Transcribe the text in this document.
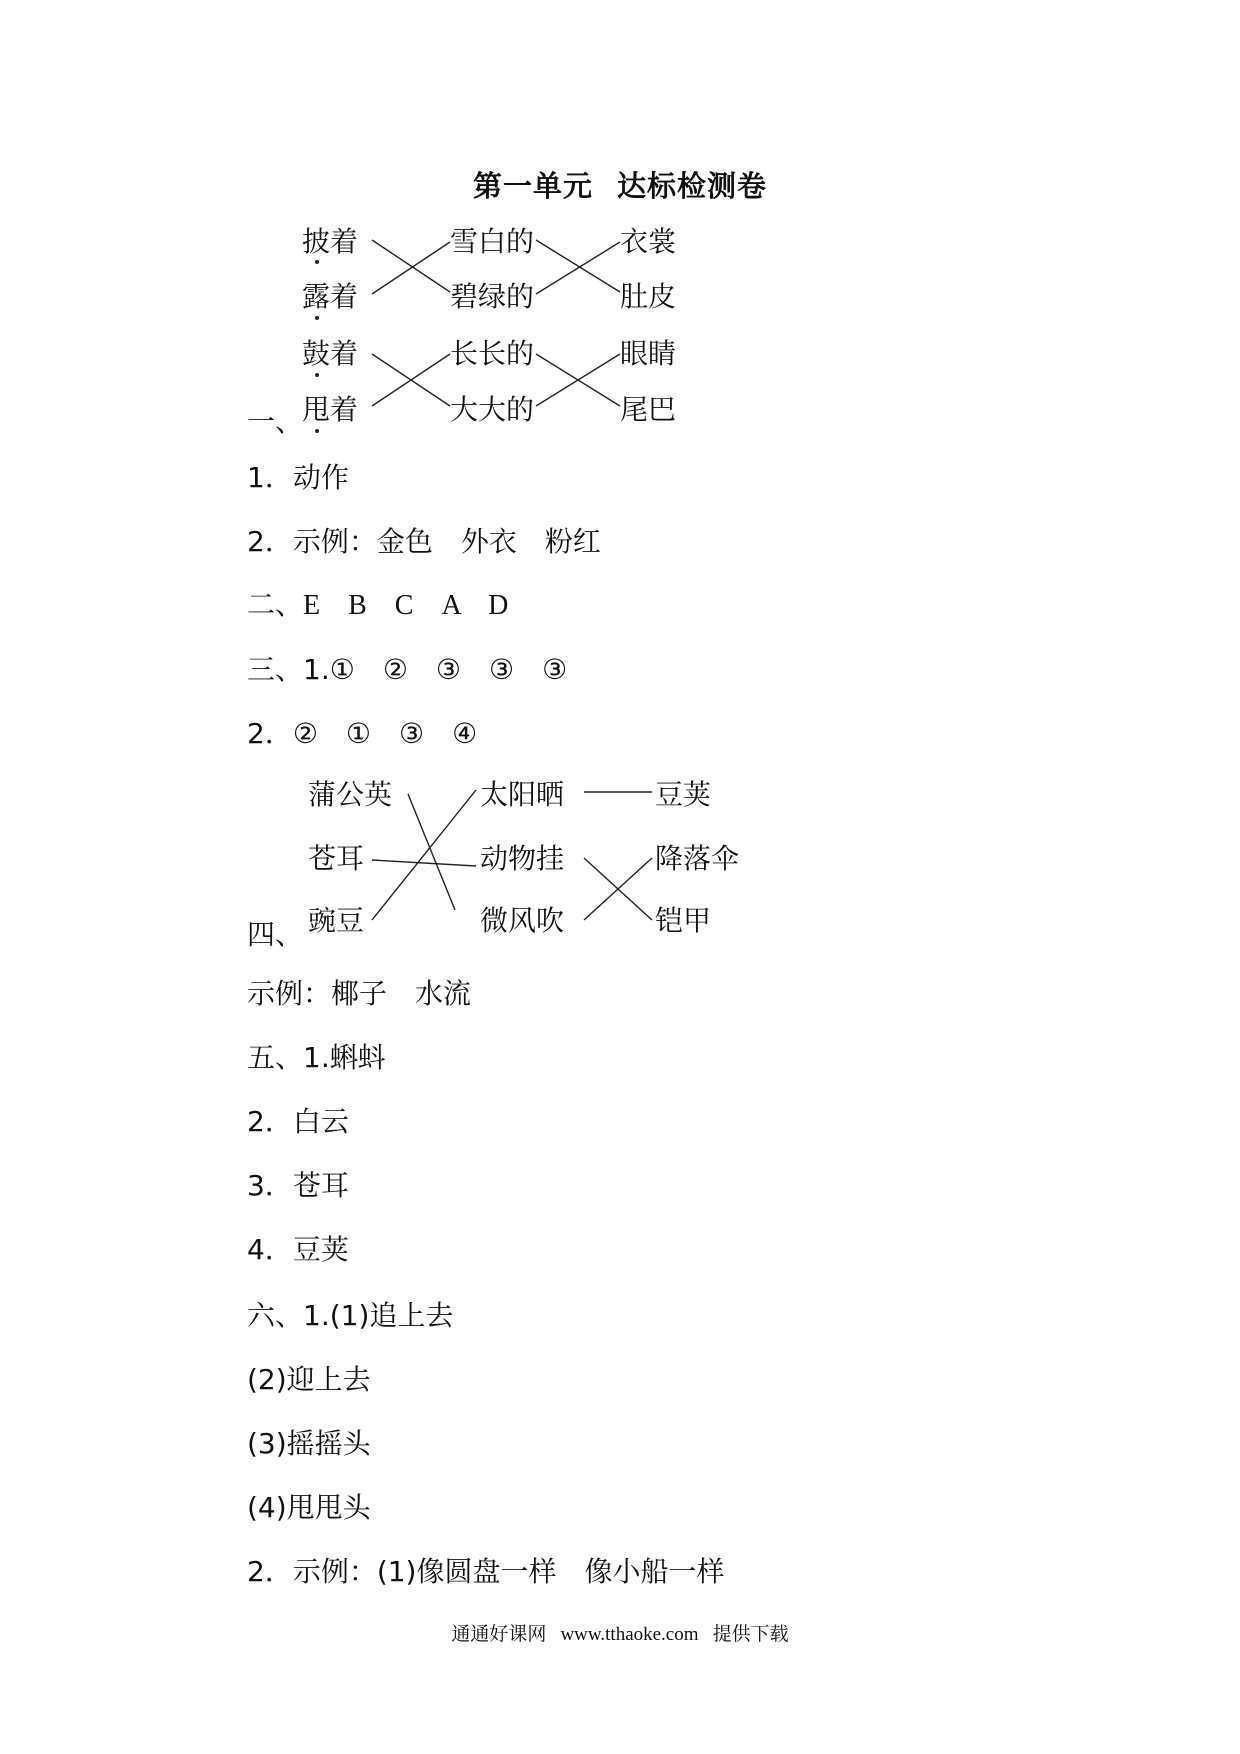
第一单元 达标检测卷
披着
露着
鼓着
甩着
雪白的
碧绿的
长长的
大大的
衣裳
肚皮
眼睛
尾巴
一、
1．动作
2．示例：金色　外衣　粉红
二、E　B　C　A　D
三、1.①　②　③　③　③
2．②　①　③　④
蒲公英
苍耳
豌豆
太阳晒
动物挂
微风吹
豆荚
降落伞
铠甲
四、
示例：椰子　水流
五、1.蝌蚪
2．白云
3．苍耳
4．豆荚
六、1.(1)追上去
(2)迎上去
(3)摇摇头
(4)甩甩头
2．示例：(1)像圆盘一样　像小船一样
通通好课网 www.tthaoke.com 提供下载
